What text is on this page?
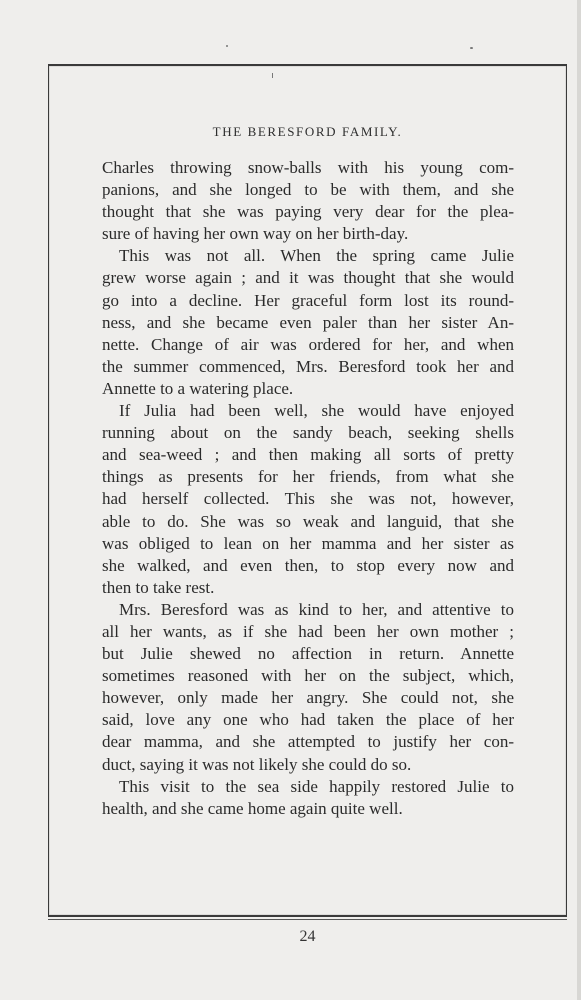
THE BERESFORD FAMILY.
Charles throwing snow-balls with his young com-
panions, and she longed to be with them, and she
thought that she was paying very dear for the plea-
sure of having her own way on her birth-day.
This was not all. When the spring came Julie
grew worse again ; and it was thought that she would
go into a decline. Her graceful form lost its round-
ness, and she became even paler than her sister An-
nette. Change of air was ordered for her, and when
the summer commenced, Mrs. Beresford took her and
Annette to a watering place.
If Julia had been well, she would have enjoyed
running about on the sandy beach, seeking shells
and sea-weed ; and then making all sorts of pretty
things as presents for her friends, from what she
had herself collected. This she was not, however,
able to do. She was so weak and languid, that she
was obliged to lean on her mamma and her sister as
she walked, and even then, to stop every now and
then to take rest.
Mrs. Beresford was as kind to her, and attentive to
all her wants, as if she had been her own mother ;
but Julie shewed no affection in return. Annette
sometimes reasoned with her on the subject, which,
however, only made her angry. She could not, she
said, love any one who had taken the place of her
dear mamma, and she attempted to justify her con-
duct, saying it was not likely she could do so.
This visit to the sea side happily restored Julie to
health, and she came home again quite well.
24
